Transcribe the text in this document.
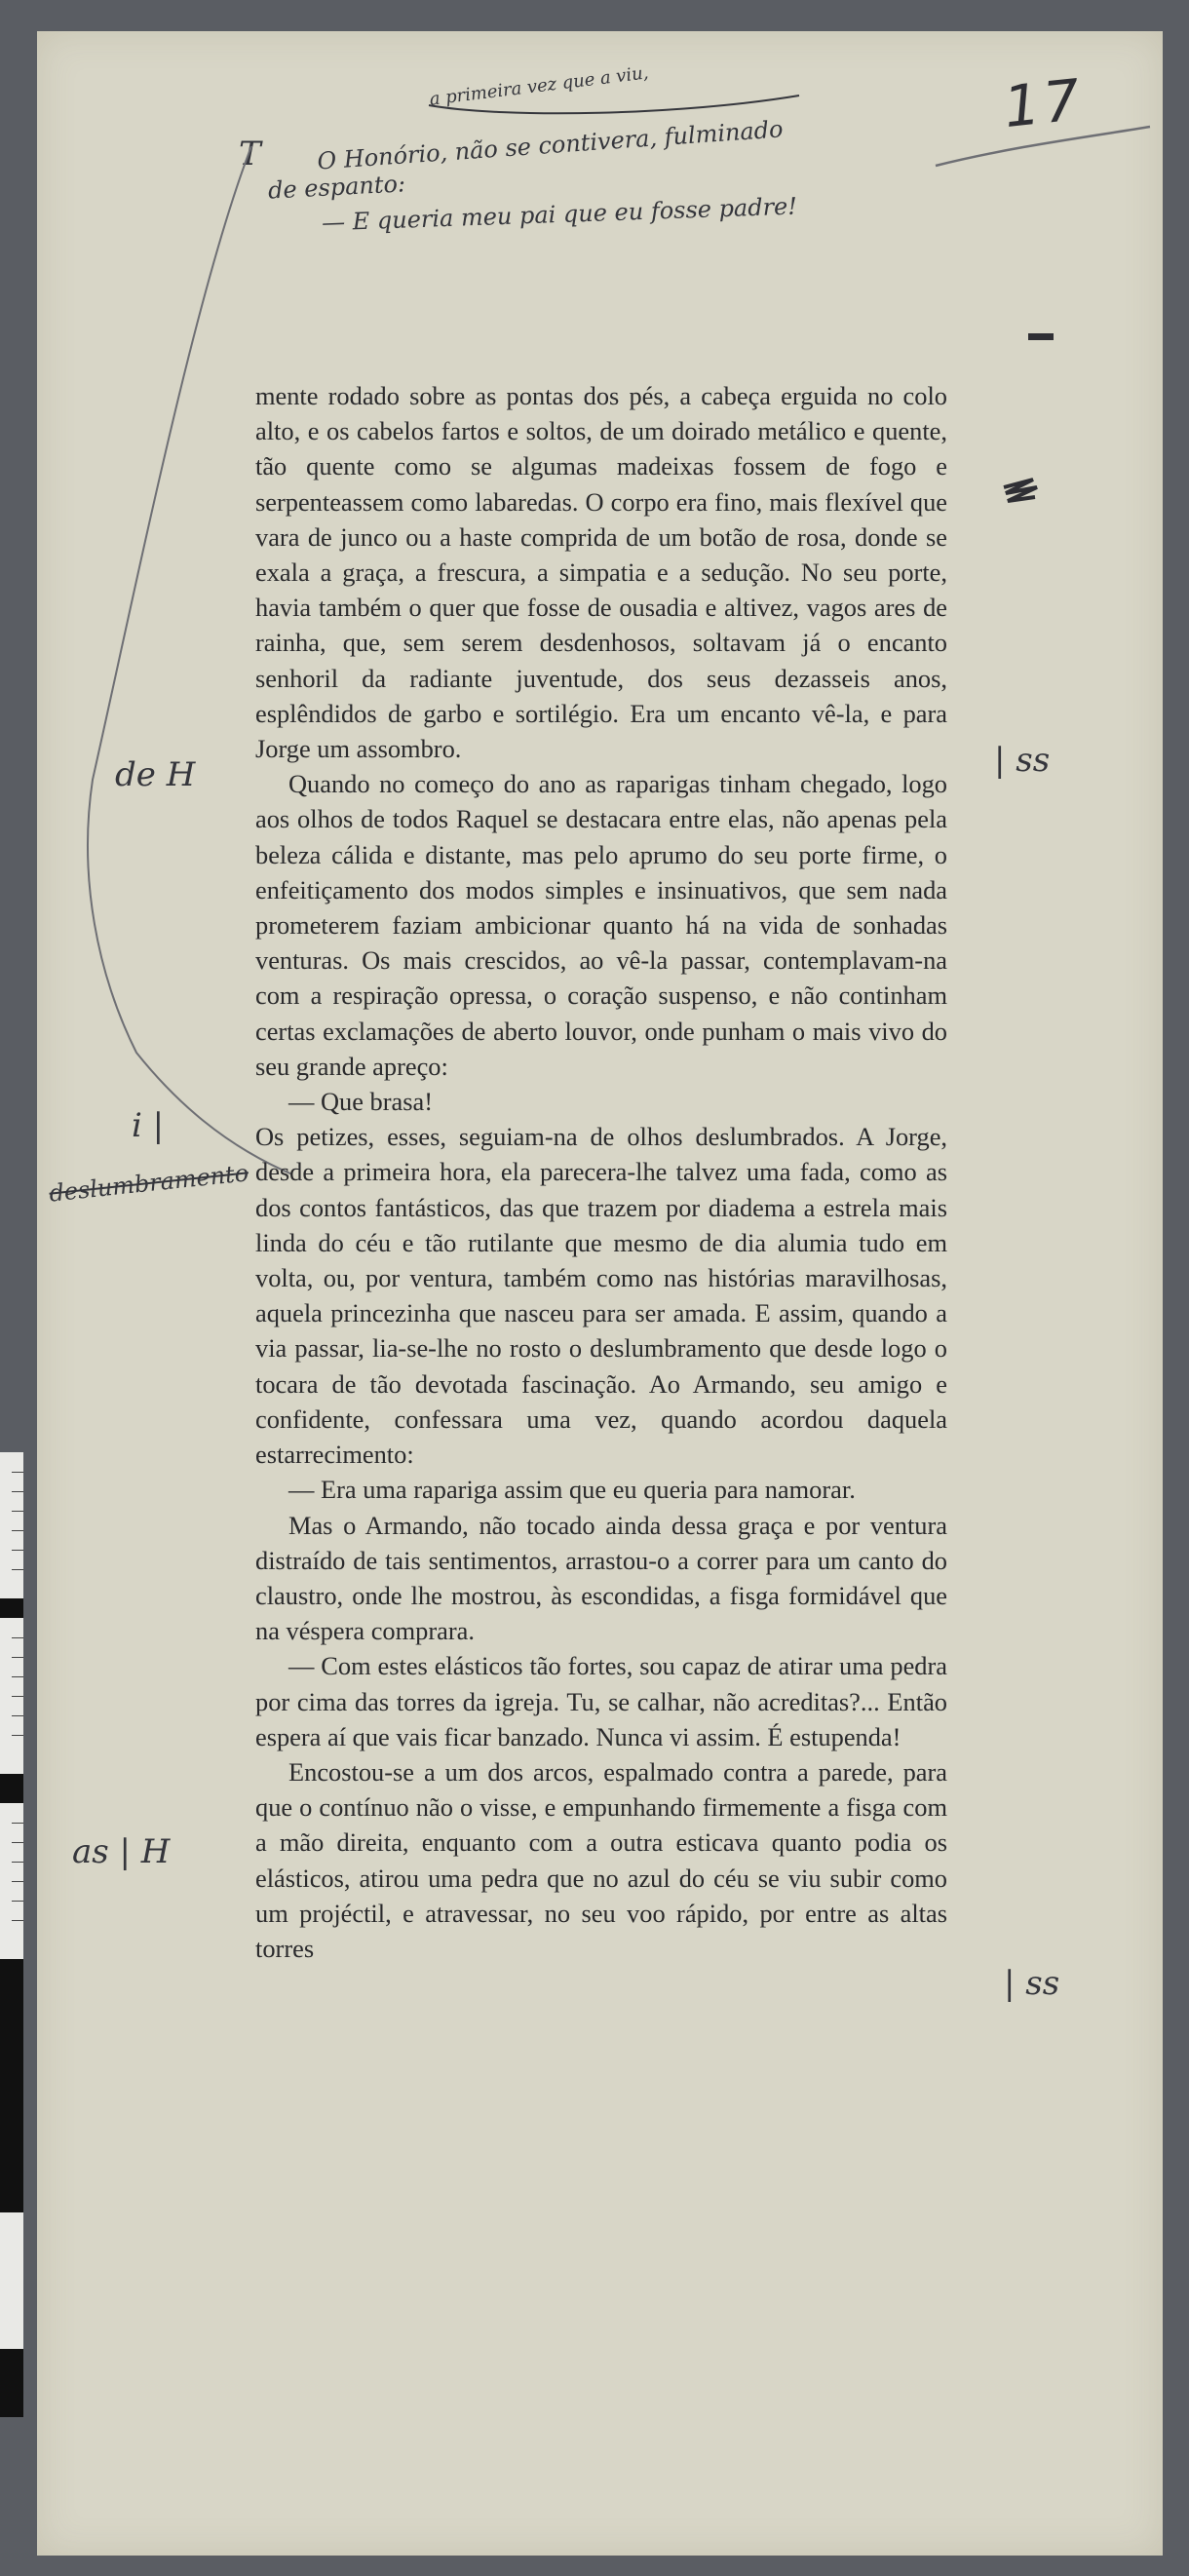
17
a primeira vez que a viu,
T O Honório, não se contivera, fulminado
de espanto:
— E queria meu pai que eu fosse padre!
de H
i |
deslumbramento
as | H
| ss
| ss

mente rodado sobre as pontas dos pés, a cabeça erguida no colo alto, e os cabelos fartos e soltos, de um doirado metálico e quente, tão quente como se algumas madeixas fossem de fogo e serpenteassem como labaredas. O corpo era fino, mais flexível que vara de junco ou a haste comprida de um botão de rosa, donde se exala a graça, a frescura, a simpatia e a sedução. No seu porte, havia também o quer que fosse de ousadia e altivez, vagos ares de rainha, que, sem serem desdenhosos, soltavam já o encanto senhoril da radiante juventude, dos seus dezasseis anos, esplêndidos de garbo e sortilégio. Era um encanto vê-la, e para Jorge um assombro.

Quando no começo do ano as raparigas tinham chegado, logo aos olhos de todos Raquel se destacara entre elas, não apenas pela beleza cálida e distante, mas pelo aprumo do seu porte firme, o enfeitiçamento dos modos simples e insinuativos, que sem nada prometerem faziam ambicionar quanto há na vida de sonhadas venturas. Os mais crescidos, ao vê-la passar, contemplavam-na com a respiração opressa, o coração suspenso, e não continham certas exclamações de aberto louvor, onde punham o mais vivo do seu grande apreço:

— Que brasa!

Os petizes, esses, seguiam-na de olhos deslumbrados. A Jorge, desde a primeira hora, ela parecera-lhe talvez uma fada, como as dos contos fantásticos, das que trazem por diadema a estrela mais linda do céu e tão rutilante que mesmo de dia alumia tudo em volta, ou, por ventura, também como nas histórias maravilhosas, aquela princezinha que nasceu para ser amada. E assim, quando a via passar, lia-se-lhe no rosto o deslumbramento que desde logo o tocara de tão devotada fascinação. Ao Armando, seu amigo e confidente, confessara uma vez, quando acordou daquela estarrecimento:

— Era uma rapariga assim que eu queria para namorar.

Mas o Armando, não tocado ainda dessa graça e por ventura distraído de tais sentimentos, arrastou-o a correr para um canto do claustro, onde lhe mostrou, às escondidas, a fisga formidável que na véspera comprara.

— Com estes elásticos tão fortes, sou capaz de atirar uma pedra por cima das torres da igreja. Tu, se calhar, não acreditas?... Então espera aí que vais ficar banzado. Nunca vi assim. É estupenda!

Encostou-se a um dos arcos, espalmado contra a parede, para que o contínuo não o visse, e empunhando firmemente a fisga com a mão direita, enquanto com a outra esticava quanto podia os elásticos, atirou uma pedra que no azul do céu se viu subir como um projéctil, e atravessar, no seu voo rápido, por entre as altas torres
